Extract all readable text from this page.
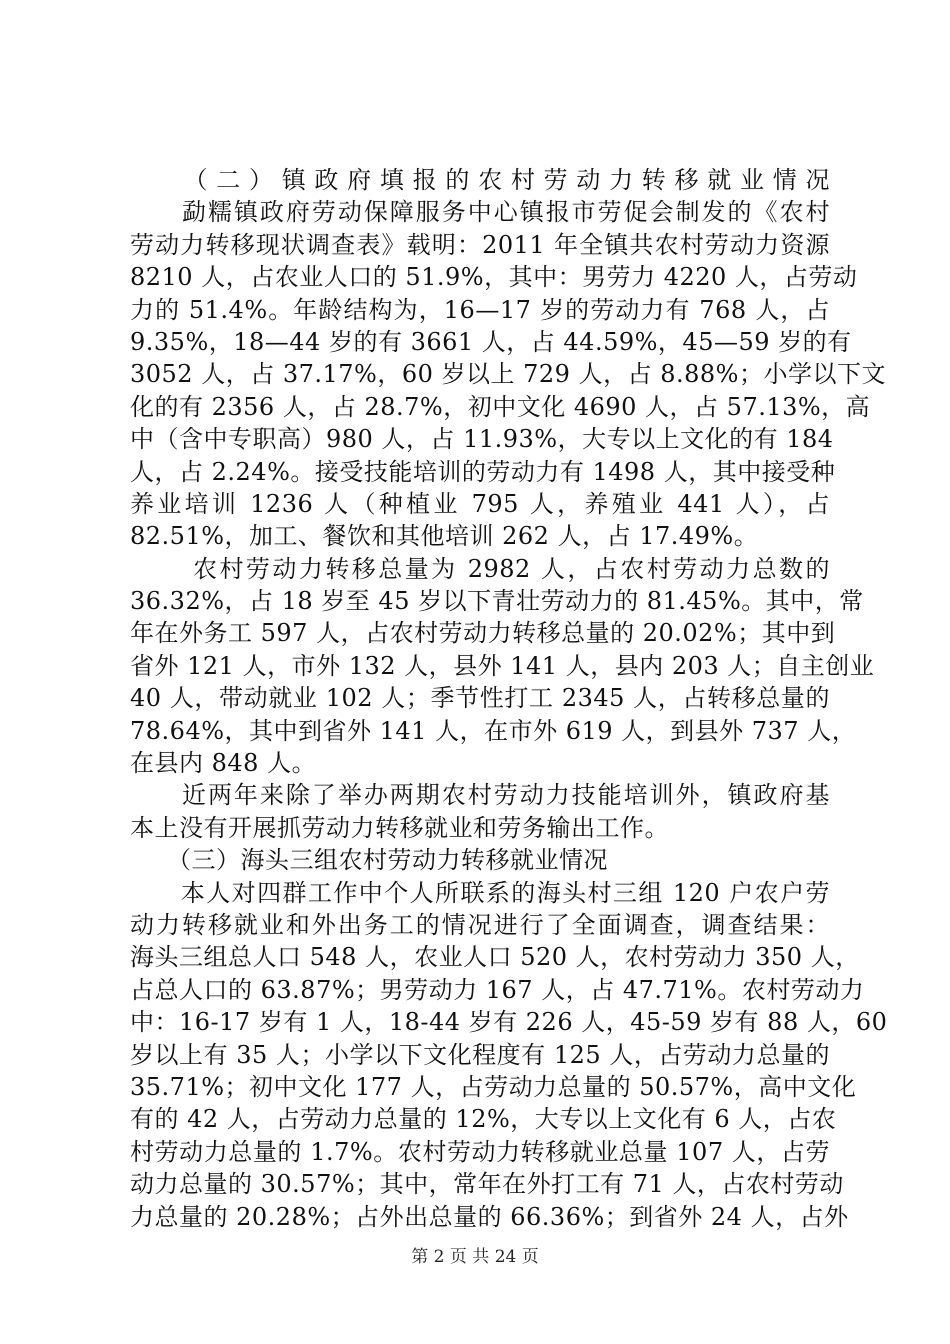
　　（二）镇政府填报的农村劳动力转移就业情况
　　勐糯镇政府劳动保障服务中心镇报市劳促会制发的《农村
劳动力转移现状调查表》载明：2011 年全镇共农村劳动力资源
8210 人，占农业人口的 51.9%，其中：男劳力 4220 人，占劳动
力的 51.4%。年龄结构为，16—17 岁的劳动力有 768 人，占
9.35%，18—44 岁的有 3661 人，占 44.59%，45—59 岁的有
3052 人，占 37.17%，60 岁以上 729 人，占 8.88%；小学以下文
化的有 2356 人，占 28.7%，初中文化 4690 人，占 57.13%，高
中（含中专职高）980 人，占 11.93%，大专以上文化的有 184
人，占 2.24%。接受技能培训的劳动力有 1498 人，其中接受种
养业培训 1236 人（种植业 795 人，养殖业 441 人），占
82.51%，加工、餐饮和其他培训 262 人，占 17.49%。
　　 农村劳动力转移总量为 2982 人，占农村劳动力总数的
36.32%，占 18 岁至 45 岁以下青壮劳动力的 81.45%。其中，常
年在外务工 597 人，占农村劳动力转移总量的 20.02%；其中到
省外 121 人，市外 132 人，县外 141 人，县内 203 人；自主创业
40 人，带动就业 102 人；季节性打工 2345 人，占转移总量的
78.64%，其中到省外 141 人，在市外 619 人，到县外 737 人，
在县内 848 人。
　　近两年来除了举办两期农村劳动力技能培训外，镇政府基
本上没有开展抓劳动力转移就业和劳务输出工作。
　　（三）海头三组农村劳动力转移就业情况
　　本人对四群工作中个人所联系的海头村三组 120 户农户劳
动力转移就业和外出务工的情况进行了全面调查，调查结果：
海头三组总人口 548 人，农业人口 520 人，农村劳动力 350 人，
占总人口的 63.87%；男劳动力 167 人，占 47.71%。农村劳动力
中：16-17 岁有 1 人，18-44 岁有 226 人，45-59 岁有 88 人，60
岁以上有 35 人；小学以下文化程度有 125 人，占劳动力总量的
35.71%；初中文化 177 人，占劳动力总量的 50.57%，高中文化
有的 42 人，占劳动力总量的 12%，大专以上文化有 6 人，占农
村劳动力总量的 1.7%。农村劳动力转移就业总量 107 人，占劳
动力总量的 30.57%；其中，常年在外打工有 71 人，占农村劳动
力总量的 20.28%；占外出总量的 66.36%；到省外 24 人，占外
第 2 页 共 24 页
